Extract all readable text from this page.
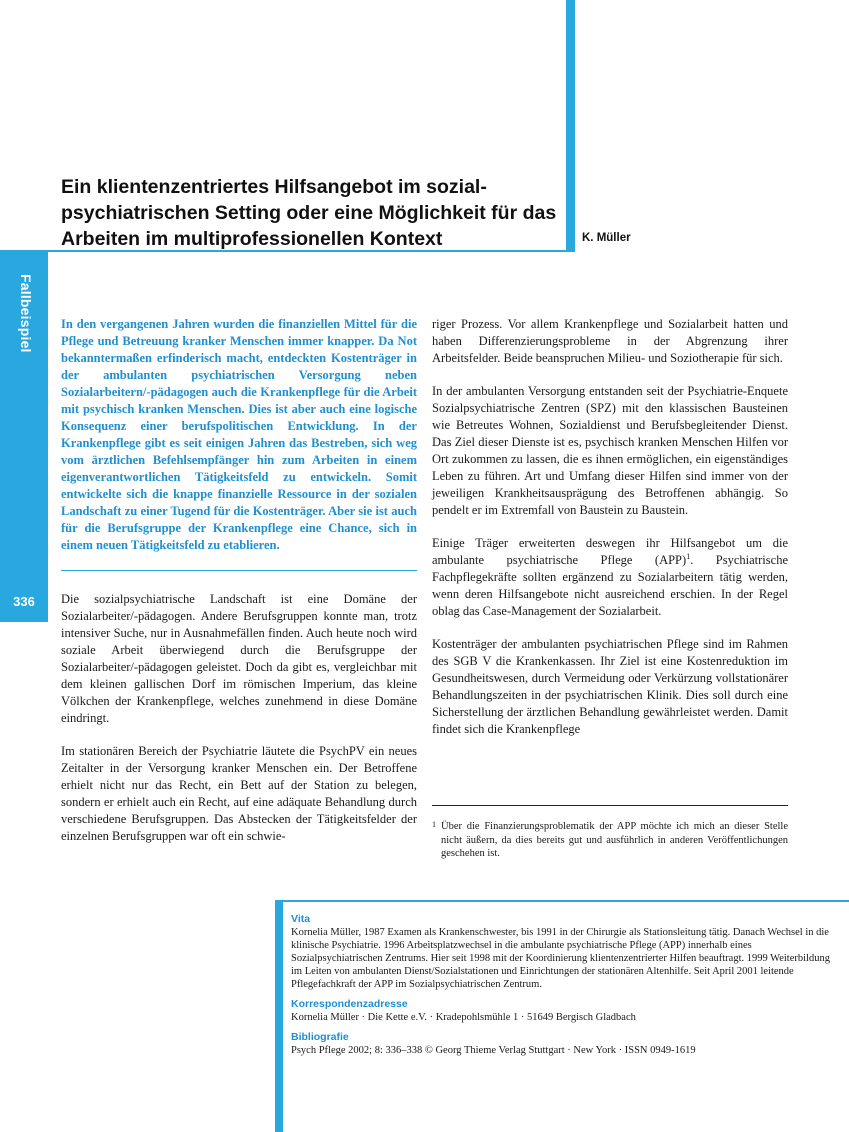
Fallbeispiel
336
Ein klientenzentriertes Hilfsangebot im sozial-psychiatrischen Setting oder eine Möglichkeit für das Arbeiten im multiprofessionellen Kontext	K. Müller

In den vergangenen Jahren wurden die finanziellen Mittel für die Pflege und Betreuung kranker Menschen immer knapper. Da Not bekanntermaßen erfinderisch macht, entdeckten Kostenträger in der ambulanten psychiatrischen Versorgung neben Sozialarbeitern/-pädagogen auch die Krankenpflege für die Arbeit mit psychisch kranken Menschen. Dies ist aber auch eine logische Konsequenz einer berufspolitischen Entwicklung. In der Krankenpflege gibt es seit einigen Jahren das Bestreben, sich weg vom ärztlichen Befehlsempfänger hin zum Arbeiten in einem eigenverantwortlichen Tätigkeitsfeld zu entwickeln. Somit entwickelte sich die knappe finanzielle Ressource in der sozialen Landschaft zu einer Tugend für die Kostenträger. Aber sie ist auch für die Berufsgruppe der Krankenpflege eine Chance, sich in einem neuen Tätigkeitsfeld zu etablieren.

Die sozialpsychiatrische Landschaft ist eine Domäne der Sozialarbeiter/-pädagogen. Andere Berufsgruppen konnte man, trotz intensiver Suche, nur in Ausnahmefällen finden. Auch heute noch wird soziale Arbeit überwiegend durch die Berufsgruppe der Sozialarbeiter/-pädagogen geleistet. Doch da gibt es, vergleichbar mit dem kleinen gallischen Dorf im römischen Imperium, das kleine Völkchen der Krankenpflege, welches zunehmend in diese Domäne eindringt.

Im stationären Bereich der Psychiatrie läutete die PsychPV ein neues Zeitalter in der Versorgung kranker Menschen ein. Der Betroffene erhielt nicht nur das Recht, ein Bett auf der Station zu belegen, sondern er erhielt auch ein Recht, auf eine adäquate Behandlung durch verschiedene Berufsgruppen. Das Abstecken der Tätigkeitsfelder der einzelnen Berufsgruppen war oft ein schwie-

riger Prozess. Vor allem Krankenpflege und Sozialarbeit hatten und haben Differenzierungsprobleme in der Abgrenzung ihrer Arbeitsfelder. Beide beanspruchen Milieu- und Soziotherapie für sich.

In der ambulanten Versorgung entstanden seit der Psychiatrie-Enquete Sozialpsychiatrische Zentren (SPZ) mit den klassischen Bausteinen wie Betreutes Wohnen, Sozialdienst und Berufsbegleitender Dienst. Das Ziel dieser Dienste ist es, psychisch kranken Menschen Hilfen vor Ort zukommen zu lassen, die es ihnen ermöglichen, ein eigenständiges Leben zu führen. Art und Umfang dieser Hilfen sind immer von der jeweiligen Krankheitsausprägung des Betroffenen abhängig. So pendelt er im Extremfall von Baustein zu Baustein.

Einige Träger erweiterten deswegen ihr Hilfsangebot um die ambulante psychiatrische Pflege (APP)$^1$. Psychiatrische Fachpflegekräfte sollten ergänzend zu Sozialarbeitern tätig werden, wenn deren Hilfsangebote nicht ausreichend erschien. In der Regel oblag das Case-Management der Sozialarbeit.

Kostenträger der ambulanten psychiatrischen Pflege sind im Rahmen des SGB V die Krankenkassen. Ihr Ziel ist eine Kostenreduktion im Gesundheitswesen, durch Vermeidung oder Verkürzung vollstationärer Behandlungszeiten in der psychiatrischen Klinik. Dies soll durch eine Sicherstellung der ärztlichen Behandlung gewährleistet werden. Damit findet sich die Krankenpflege

1 Über die Finanzierungsproblematik der APP möchte ich mich an dieser Stelle nicht äußern, da dies bereits gut und ausführlich in anderen Veröffentlichungen geschehen ist.
Vita
Kornelia Müller, 1987 Examen als Krankenschwester, bis 1991 in der Chirurgie als Stationsleitung tätig. Danach Wechsel in die klinische Psychiatrie. 1996 Arbeitsplatzwechsel in die ambulante psychiatrische Pflege (APP) innerhalb eines Sozialpsychiatrischen Zentrums. Hier seit 1998 mit der Koordinierung klientenzentrierter Hilfen beauftragt. 1999 Weiterbildung im Leiten von ambulanten Dienst/Sozialstationen und Einrichtungen der stationären Altenhilfe. Seit April 2001 leitende Pflegefachkraft der APP im Sozialpsychiatrischen Zentrum.
Korrespondenzadresse
Kornelia Müller · Die Kette e.V. · Kradepohlsmühle 1 · 51649 Bergisch Gladbach
Bibliografie
Psych Pflege 2002; 8: 336–338 © Georg Thieme Verlag Stuttgart · New York · ISSN 0949-1619
